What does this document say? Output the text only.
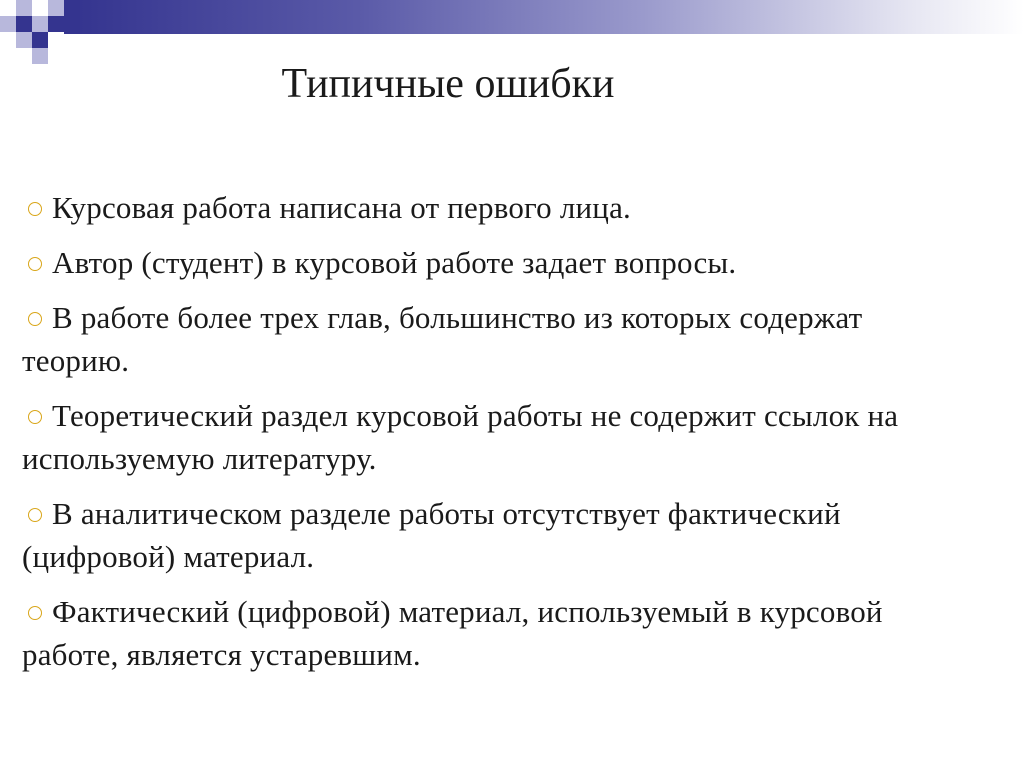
Типичные ошибки
Курсовая работа написана от первого лица.
Автор (студент) в курсовой работе задает вопросы.
В работе более трех глав, большинство из которых содержат теорию.
Теоретический раздел курсовой работы не содержит ссылок на используемую литературу.
В аналитическом разделе работы отсутствует фактический (цифровой) материал.
Фактический (цифровой) материал, используемый в курсовой работе, является устаревшим.
